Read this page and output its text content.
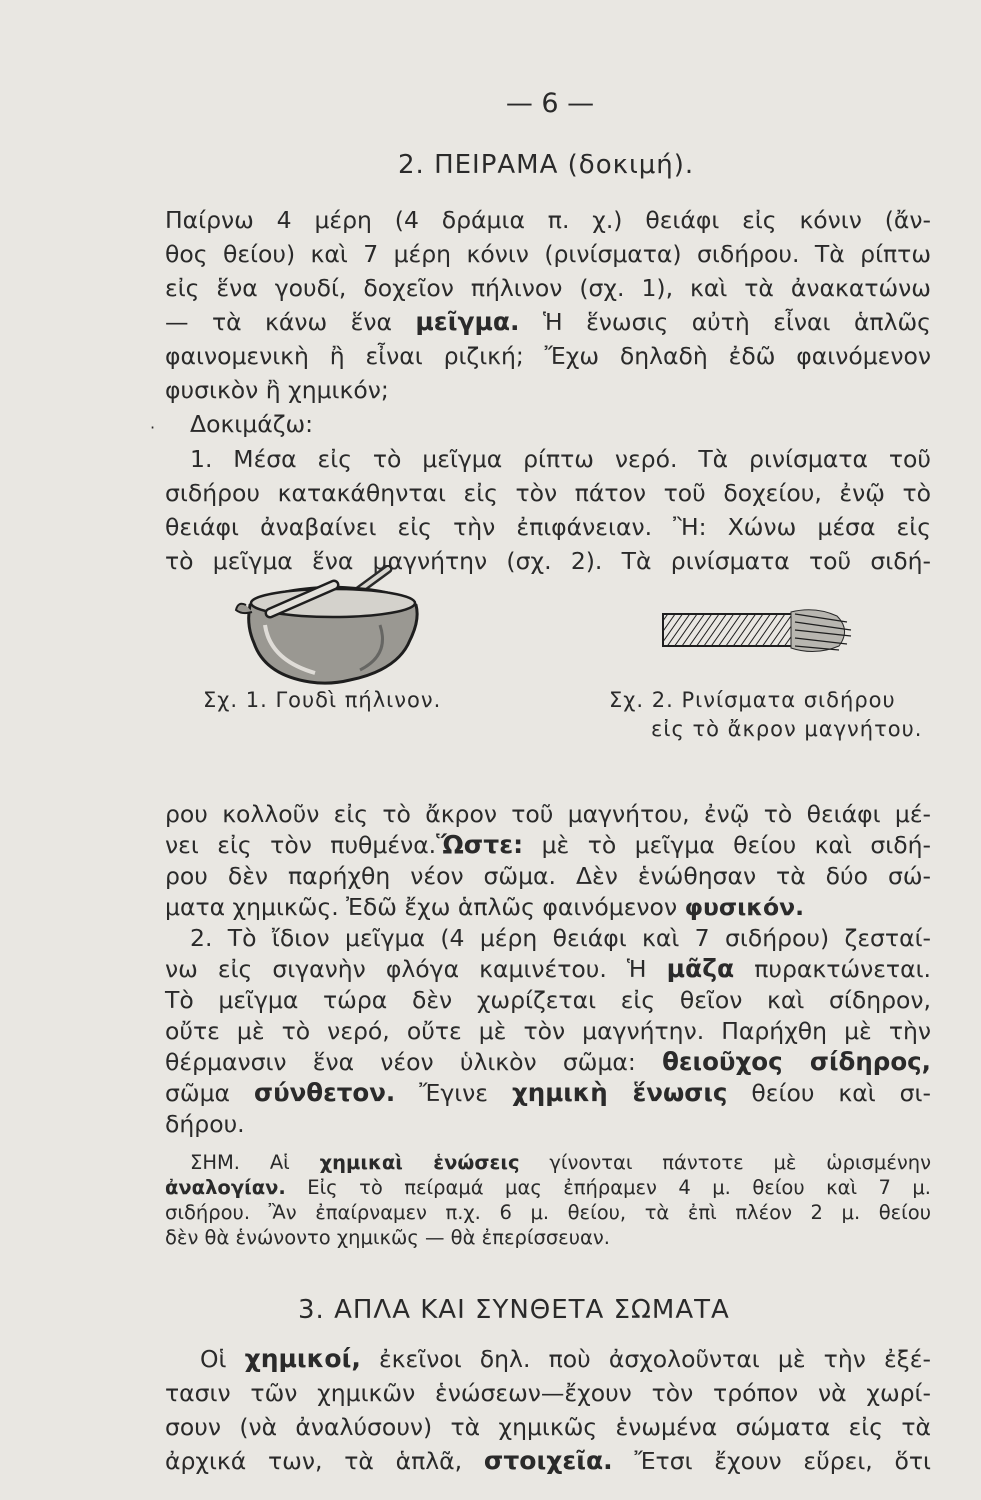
— 6 —
2. ΠΕΙΡΑΜΑ (δοκιμή).
Παίρνω 4 μέρη (4 δράμια π. χ.) θειάφι εἰς κόνιν (ἄν-
θος θείου) καὶ 7 μέρη κόνιν (ρινίσματα) σιδήρου. Τὰ ρίπτω
εἰς ἕνα γουδί, δοχεῖον πήλινον (σχ. 1), καὶ τὰ ἀνακατώνω
— τὰ κάνω ἕνα μεῖγμα. Ἡ ἕνωσις αὐτὴ εἶναι ἁπλῶς
φαινομενικὴ ἢ εἶναι ριζική; Ἔχω δηλαδὴ ἐδῶ φαινόμενον
φυσικὸν ἢ χημικόν;
Δοκιμάζω:
·
1. Μέσα εἰς τὸ μεῖγμα ρίπτω νερό. Τὰ ρινίσματα τοῦ
σιδήρου κατακάθηνται εἰς τὸν πάτον τοῦ δοχείου, ἐνῷ τὸ
θειάφι ἀναβαίνει εἰς τὴν ἐπιφάνειαν. Ἢ: Χώνω μέσα εἰς
τὸ μεῖγμα ἕνα μαγνήτην (σχ. 2). Τὰ ρινίσματα τοῦ σιδή-
Σχ. 1. Γουδὶ πήλινον.	Σχ. 2. Ρινίσματα σιδήρου
εἰς τὸ ἄκρον μαγνήτου.
ρου κολλοῦν εἰς τὸ ἄκρον τοῦ μαγνήτου, ἐνῷ τὸ θειάφι μέ-
νει εἰς τὸν πυθμένα.Ὥστε: μὲ τὸ μεῖγμα θείου καὶ σιδή-
ρου δὲν παρήχθη νέον σῶμα. Δὲν ἑνώθησαν τὰ δύο σώ-
ματα χημικῶς. Ἐδῶ ἔχω ἁπλῶς φαινόμενον φυσικόν.
2. Τὸ ἴδιον μεῖγμα (4 μέρη θειάφι καὶ 7 σιδήρου) ζεσταί-
νω εἰς σιγανὴν φλόγα καμινέτου. Ἡ μᾶζα πυρακτώνεται.
Τὸ μεῖγμα τώρα δὲν χωρίζεται εἰς θεῖον καὶ σίδηρον,
οὔτε μὲ τὸ νερό, οὔτε μὲ τὸν μαγνήτην. Παρήχθη μὲ τὴν
θέρμανσιν ἕνα νέον ὑλικὸν σῶμα: θειοῦχος σίδηρος,
σῶμα σύνθετον. Ἔγινε χημικὴ ἕνωσις θείου καὶ σι-
δήρου.
ΣΗΜ. Αἱ χημικαὶ ἑνώσεις γίνονται πάντοτε μὲ ὡρισμένην
ἀναλογίαν. Εἰς τὸ πείραμά μας ἐπήραμεν 4 μ. θείου καὶ 7 μ.
σιδήρου. Ἂν ἐπαίρναμεν π.χ. 6 μ. θείου, τὰ ἐπὶ πλέον 2 μ. θείου
δὲν θὰ ἑνώνοντο χημικῶς — θὰ ἐπερίσσευαν.
3. ΑΠΛΑ ΚΑΙ ΣΥΝΘΕΤΑ ΣΩΜΑΤΑ
Οἱ χημικοί, ἐκεῖνοι δηλ. ποὺ ἀσχολοῦνται μὲ τὴν ἐξέ-
τασιν τῶν χημικῶν ἑνώσεων—ἔχουν τὸν τρόπον νὰ χωρί-
σουν (νὰ ἀναλύσουν) τὰ χημικῶς ἑνωμένα σώματα εἰς τὰ
ἀρχικά των, τὰ ἁπλᾶ, στοιχεῖα. Ἔτσι ἔχουν εὕρει, ὅτι
